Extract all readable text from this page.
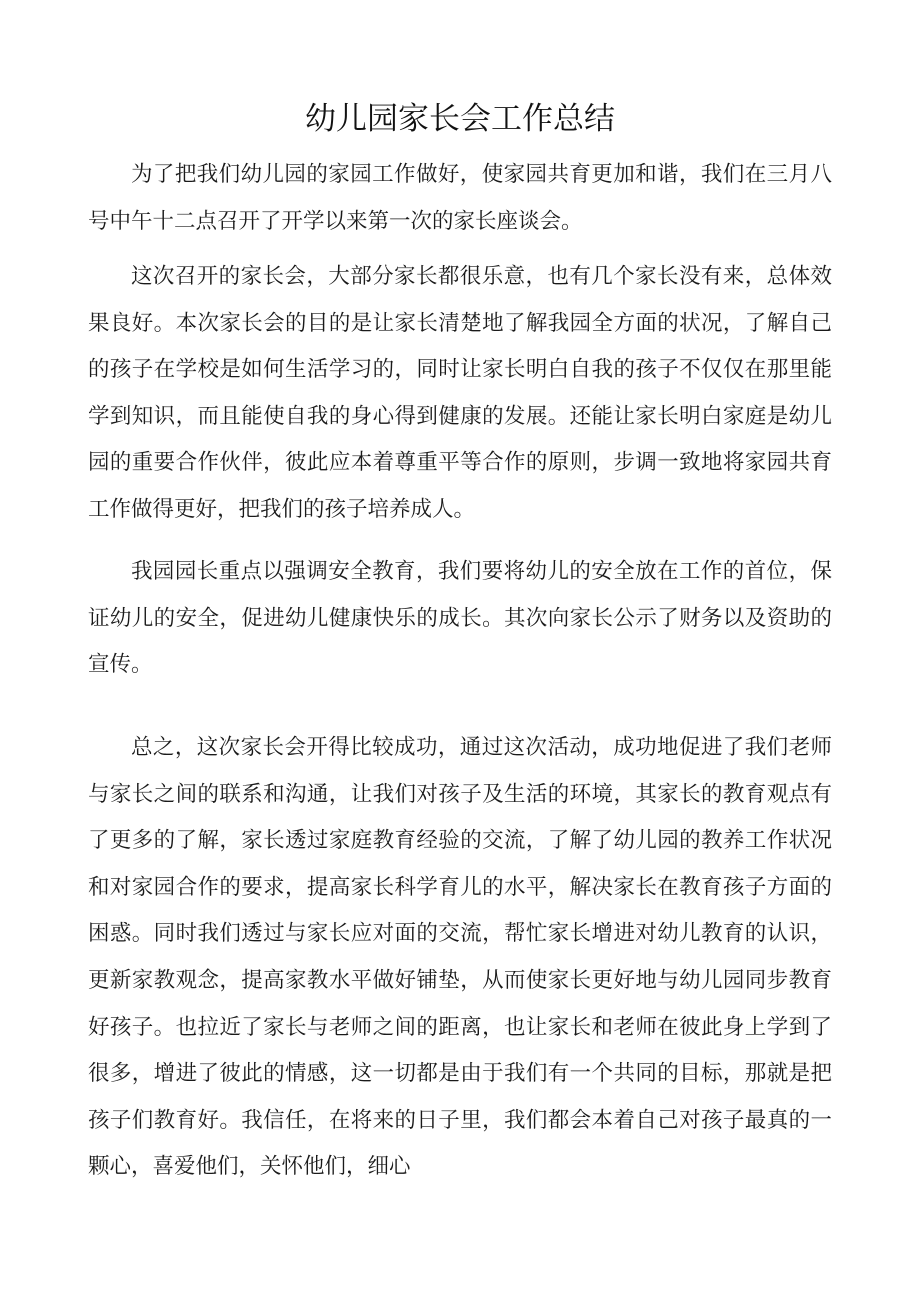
幼儿园家长会工作总结

为了把我们幼儿园的家园工作做好，使家园共育更加和谐，我们在三月八号中午十二点召开了开学以来第一次的家长座谈会。

这次召开的家长会，大部分家长都很乐意，也有几个家长没有来，总体效果良好。本次家长会的目的是让家长清楚地了解我园全方面的状况，了解自己的孩子在学校是如何生活学习的，同时让家长明白自我的孩子不仅仅在那里能学到知识，而且能使自我的身心得到健康的发展。还能让家长明白家庭是幼儿园的重要合作伙伴，彼此应本着尊重平等合作的原则，步调一致地将家园共育工作做得更好，把我们的孩子培养成人。

我园园长重点以强调安全教育，我们要将幼儿的安全放在工作的首位，保证幼儿的安全，促进幼儿健康快乐的成长。其次向家长公示了财务以及资助的宣传。

总之，这次家长会开得比较成功，通过这次活动，成功地促进了我们老师与家长之间的联系和沟通，让我们对孩子及生活的环境，其家长的教育观点有了更多的了解，家长透过家庭教育经验的交流，了解了幼儿园的教养工作状况和对家园合作的要求，提高家长科学育儿的水平，解决家长在教育孩子方面的困惑。同时我们透过与家长应对面的交流，帮忙家长增进对幼儿教育的认识，更新家教观念，提高家教水平做好铺垫，从而使家长更好地与幼儿园同步教育好孩子。也拉近了家长与老师之间的距离，也让家长和老师在彼此身上学到了很多，增进了彼此的情感，这一切都是由于我们有一个共同的目标，那就是把孩子们教育好。我信任，在将来的日子里，我们都会本着自己对孩子最真的一颗心，喜爱他们，关怀他们，细心
